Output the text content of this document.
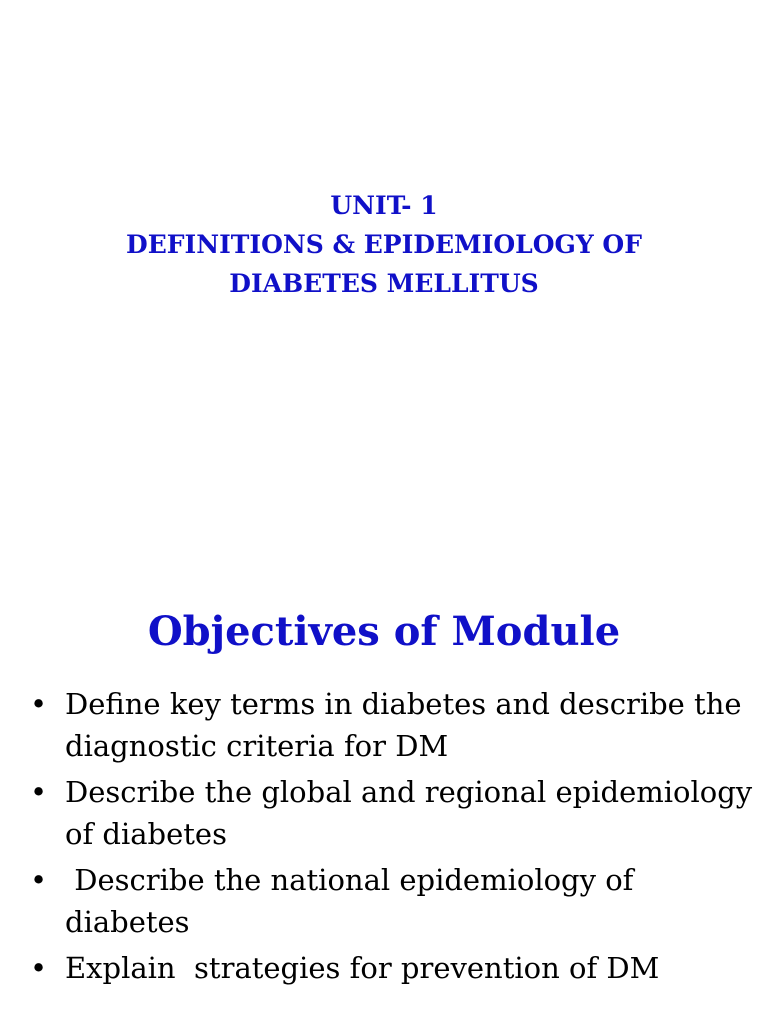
UNIT- 1
DEFINITIONS & EPIDEMIOLOGY OF
DIABETES MELLITUS
Objectives of Module
• Define key terms in diabetes and describe the diagnostic criteria for DM
• Describe the global and regional epidemiology of diabetes
• Describe the national epidemiology of diabetes
• Explain  strategies for prevention of DM
